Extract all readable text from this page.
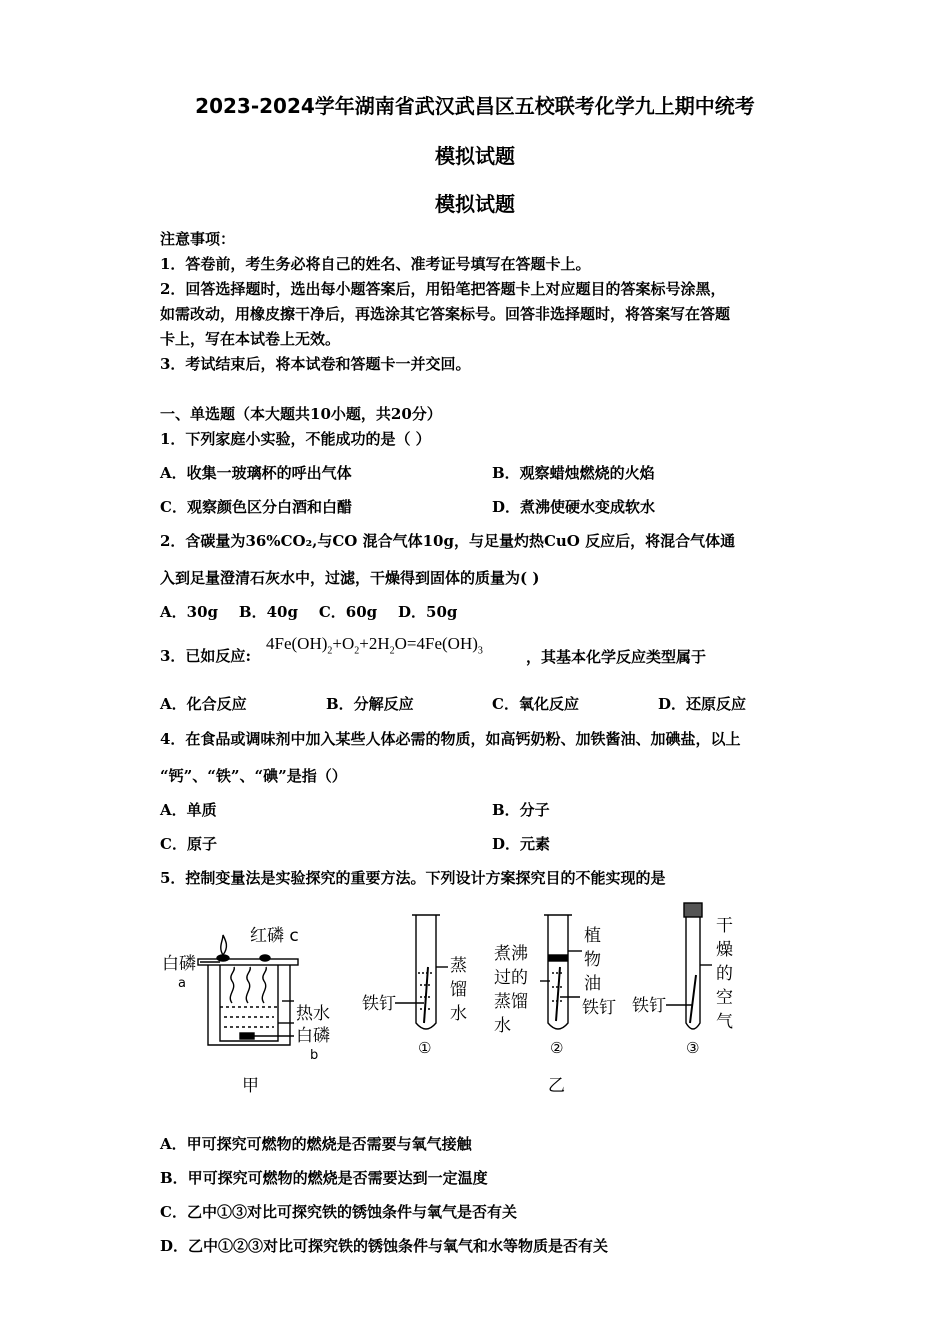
2023-2024学年湖南省武汉武昌区五校联考化学九上期中统考
模拟试题
模拟试题
注意事项：
1．答卷前，考生务必将自己的姓名、准考证号填写在答题卡上。
2．回答选择题时，选出每小题答案后，用铅笔把答题卡上对应题目的答案标号涂黑，
如需改动，用橡皮擦干净后，再选涂其它答案标号。回答非选择题时，将答案写在答题
卡上，写在本试卷上无效。
3．考试结束后，将本试卷和答题卡一并交回。
一、单选题（本大题共10小题，共20分）
1．下列家庭小实验，不能成功的是（ ）
A．收集一玻璃杯的呼出气体	B．观察蜡烛燃烧的火焰
C．观察颜色区分白酒和白醋	D．煮沸使硬水变成软水
2．含碳量为36%CO₂,与CO 混合气体10g，与足量灼热CuO 反应后，将混合气体通
入到足量澄清石灰水中，过滤，干燥得到固体的质量为( )
A．30g    B．40g    C．60g    D．50g
3．已如反应:
$4Fe(OH)_2+O_2+2H_2O=4Fe(OH)_3$	，其基本化学反应类型属于
A．化合反应	B．分解反应	C．氧化反应	D．还原反应
4．在食品或调味剂中加入某些人体必需的物质，如高钙奶粉、加铁酱油、加碘盐，以上
“钙”、“铁”、“碘”是指（）
A．单质	B．分子
C．原子	D．元素
5．控制变量法是实验探究的重要方法。下列设计方案探究目的不能实现的是
红磷 c
白磷
a
热水
白磷
b
甲
铁钉
蒸
馏
水
①
煮沸
过的
蒸馏
水
植
物
油
铁钉
②
铁钉
干
燥
的
空
气
③
乙
A．甲可探究可燃物的燃烧是否需要与氧气接触
B．甲可探究可燃物的燃烧是否需要达到一定温度
C．乙中①③对比可探究铁的锈蚀条件与氧气是否有关
D．乙中①②③对比可探究铁的锈蚀条件与氧气和水等物质是否有关
